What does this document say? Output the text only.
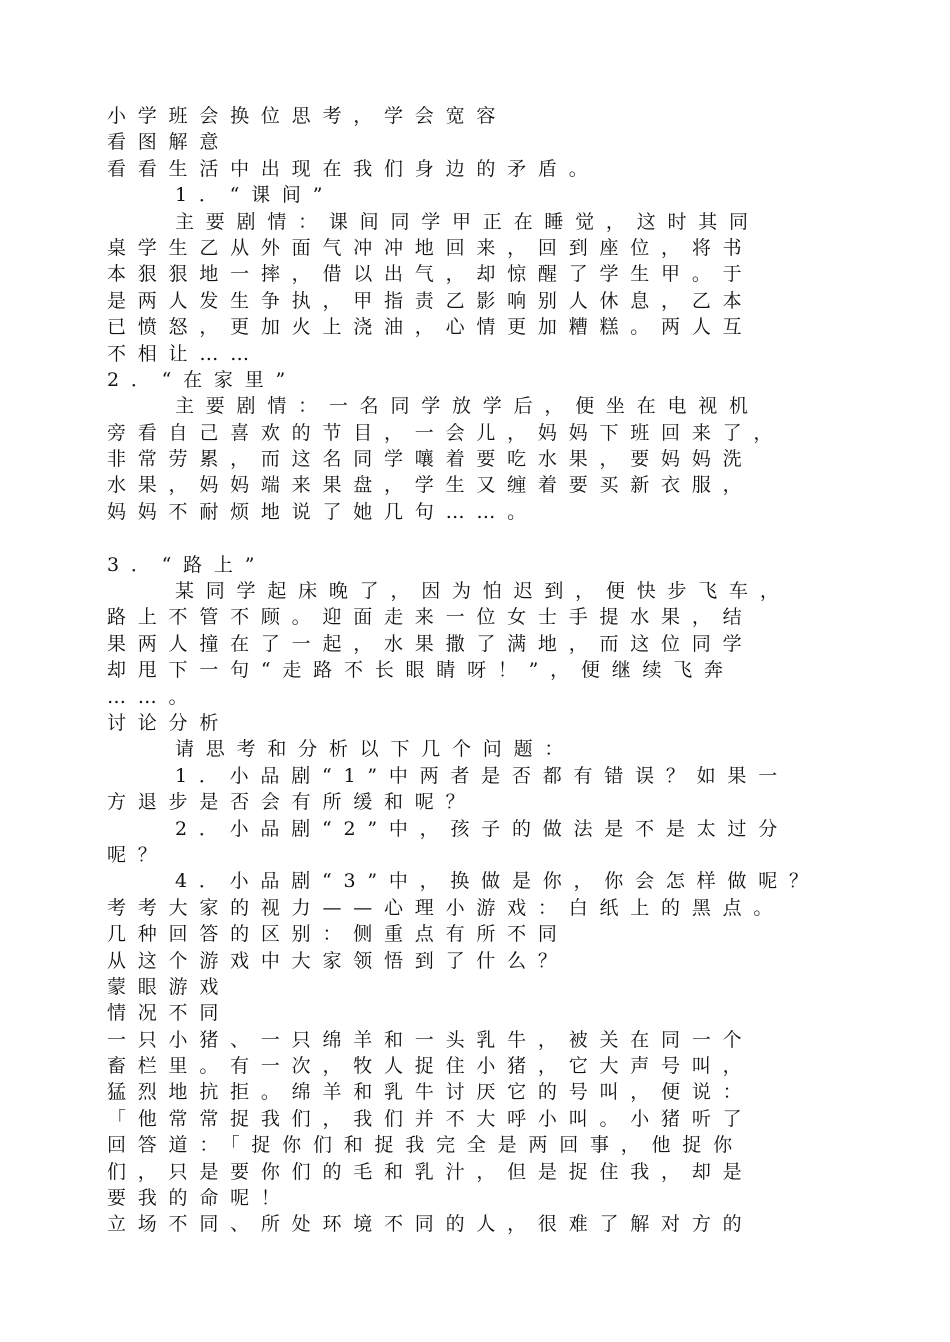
小学班会换位思考，学会宽容
看图解意
看看生活中出现在我们身边的矛盾。
1．“课间”
主要剧情：课间同学甲正在睡觉，这时其同
桌学生乙从外面气冲冲地回来，回到座位，将书
本狠狠地一摔，借以出气，却惊醒了学生甲。于
是两人发生争执，甲指责乙影响别人休息，乙本
已愤怒，更加火上浇油，心情更加糟糕。两人互
不相让……
2．“在家里”
主要剧情：一名同学放学后，便坐在电视机
旁看自己喜欢的节目，一会儿，妈妈下班回来了，
非常劳累，而这名同学嚷着要吃水果，要妈妈洗
水果，妈妈端来果盘，学生又缠着要买新衣服，
妈妈不耐烦地说了她几句……。
3．“路上”
某同学起床晚了，因为怕迟到，便快步飞车，
路上不管不顾。迎面走来一位女士手提水果，结
果两人撞在了一起，水果撒了满地，而这位同学
却甩下一句“走路不长眼睛呀！”，便继续飞奔
……。
讨论分析
请思考和分析以下几个问题：
1．小品剧“1”中两者是否都有错误？如果一
方退步是否会有所缓和呢？
2．小品剧“2”中，孩子的做法是不是太过分
呢？
4．小品剧“3”中，换做是你，你会怎样做呢？
考考大家的视力——心理小游戏：白纸上的黑点。
几种回答的区别：侧重点有所不同
从这个游戏中大家领悟到了什么？
蒙眼游戏
情况不同
一只小猪、一只绵羊和一头乳牛，被关在同一个
畜栏里。有一次，牧人捉住小猪，它大声号叫，
猛烈地抗拒。绵羊和乳牛讨厌它的号叫，便说：
「他常常捉我们，我们并不大呼小叫。小猪听了
回答道：「捉你们和捉我完全是两回事，他捉你
们，只是要你们的毛和乳汁，但是捉住我，却是
要我的命呢！
立场不同、所处环境不同的人，很难了解对方的
